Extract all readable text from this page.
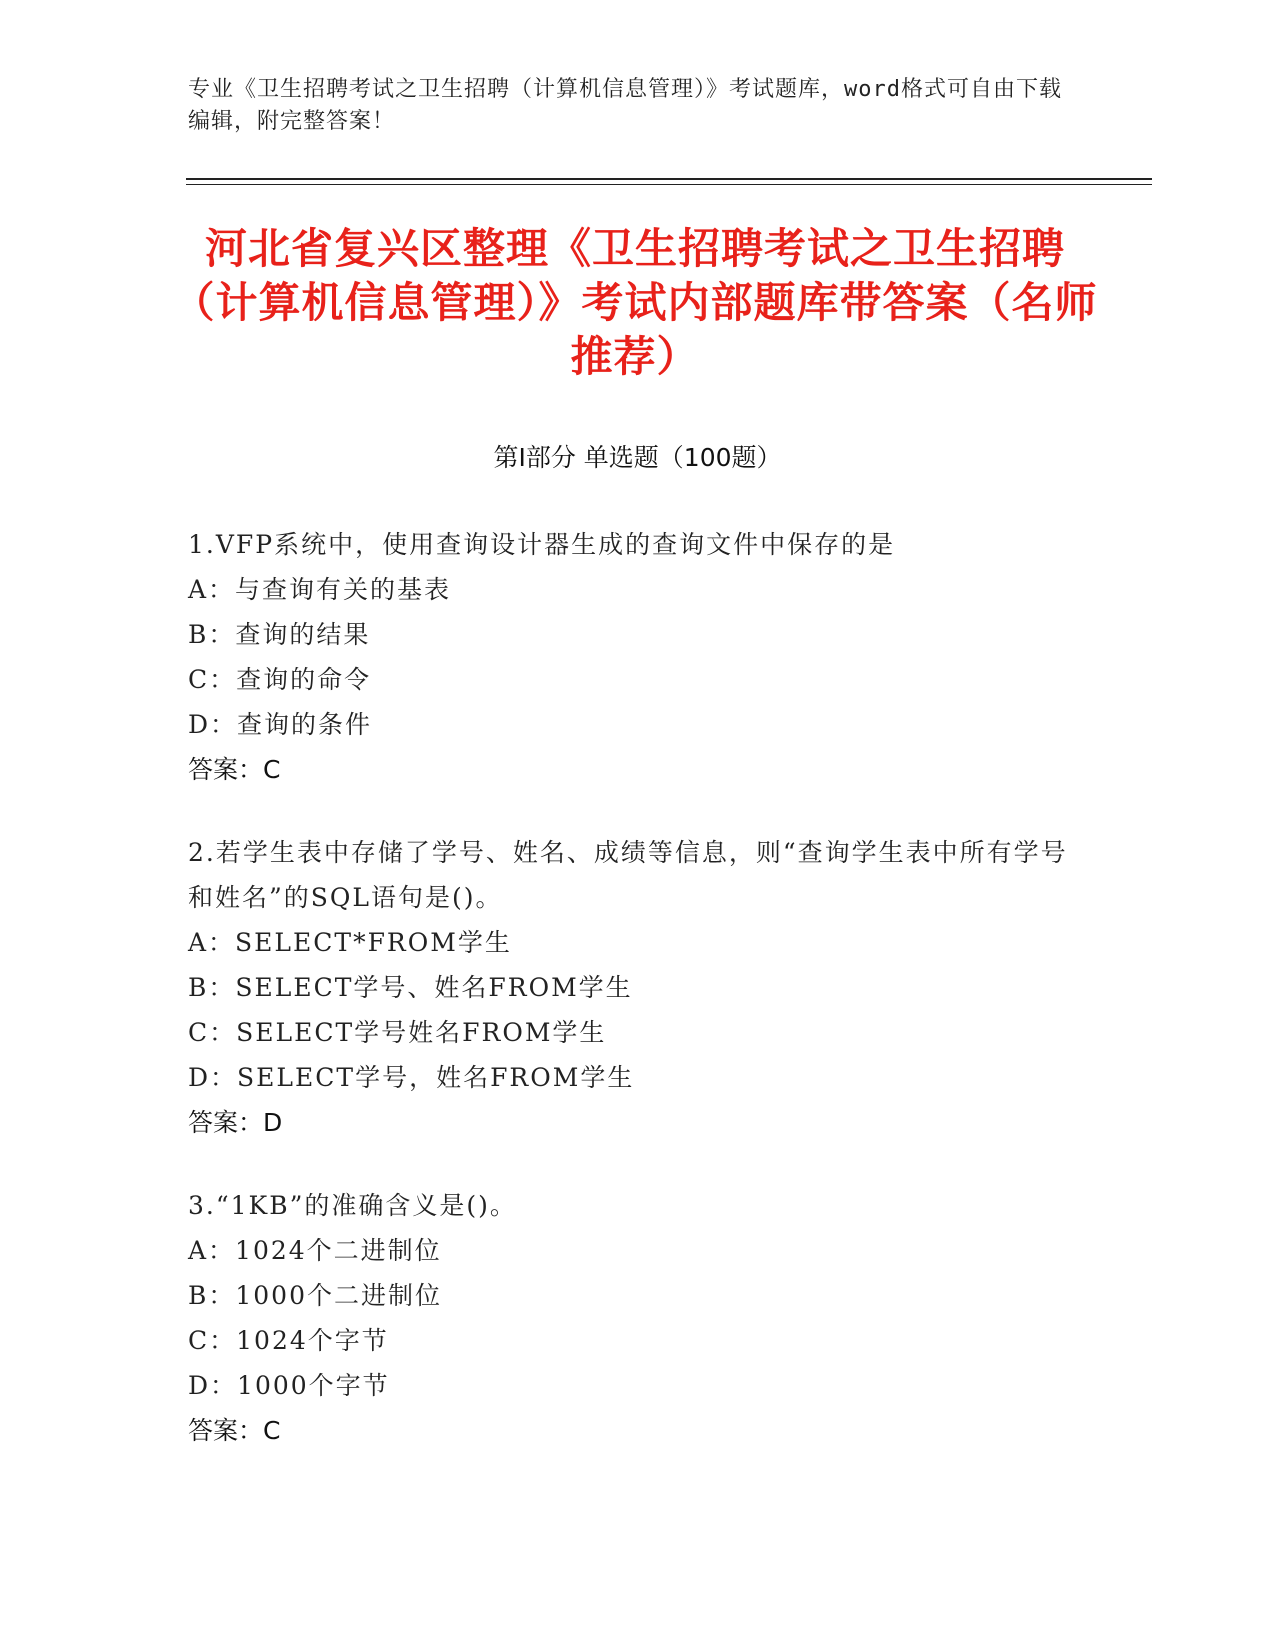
专业《卫生招聘考试之卫生招聘（计算机信息管理）》考试题库，word格式可自由下载编辑，附完整答案！
河北省复兴区整理《卫生招聘考试之卫生招聘（计算机信息管理）》考试内部题库带答案（名师推荐）
第I部分 单选题（100题）
1.VFP系统中，使用查询设计器生成的查询文件中保存的是
A：与查询有关的基表
B：查询的结果
C：查询的命令
D：查询的条件
答案：C
2.若学生表中存储了学号、姓名、成绩等信息，则“查询学生表中所有学号和姓名”的SQL语句是()。
A：SELECT*FROM学生
B：SELECT学号、姓名FROM学生
C：SELECT学号姓名FROM学生
D：SELECT学号，姓名FROM学生
答案：D
3.“1KB”的准确含义是()。
A：1024个二进制位
B：1000个二进制位
C：1024个字节
D：1000个字节
答案：C
